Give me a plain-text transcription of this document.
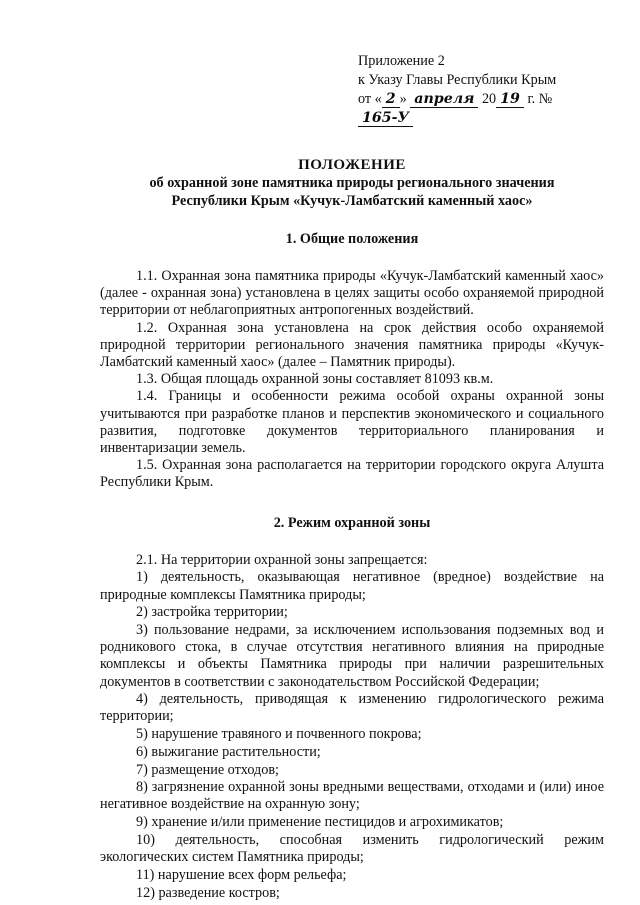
Приложение 2
к Указу Главы Республики Крым
от « 2 » апреля 20 19 г. № 165-У
ПОЛОЖЕНИЕ
об охранной зоне памятника природы регионального значения
Республики Крым «Кучук-Ламбатский каменный хаос»
1. Общие положения

1.1. Охранная зона памятника природы «Кучук-Ламбатский каменный хаос» (далее - охранная зона) установлена в целях защиты особо охраняемой природной территории от неблагоприятных антропогенных воздействий.

1.2. Охранная зона установлена на срок действия особо охраняемой природной территории регионального значения памятника природы «Кучук-Ламбатский каменный хаос» (далее – Памятник природы).

1.3. Общая площадь охранной зоны составляет 81093 кв.м.

1.4. Границы и особенности режима особой охраны охранной зоны учитываются при разработке планов и перспектив экономического и социального развития, подготовке документов территориального планирования и инвентаризации земель.

1.5. Охранная зона располагается на территории городского округа Алушта Республики Крым.

2. Режим охранной зоны

2.1. На территории охранной зоны запрещается:

1) деятельность, оказывающая негативное (вредное) воздействие на природные комплексы Памятника природы;

2) застройка территории;

3) пользование недрами, за исключением использования подземных вод и родникового стока, в случае отсутствия негативного влияния на природные комплексы и объекты Памятника природы при наличии разрешительных документов в соответствии с законодательством Российской Федерации;

4) деятельность, приводящая к изменению гидрологического режима территории;

5) нарушение травяного и почвенного покрова;

6) выжигание растительности;

7) размещение отходов;

8) загрязнение охранной зоны вредными веществами, отходами и (или) иное негативное воздействие на охранную зону;

9) хранение и/или применение пестицидов и агрохимикатов;

10) деятельность, способная изменить гидрологический режим экологических систем Памятника природы;

11) нарушение всех форм рельефа;

12) разведение костров;
